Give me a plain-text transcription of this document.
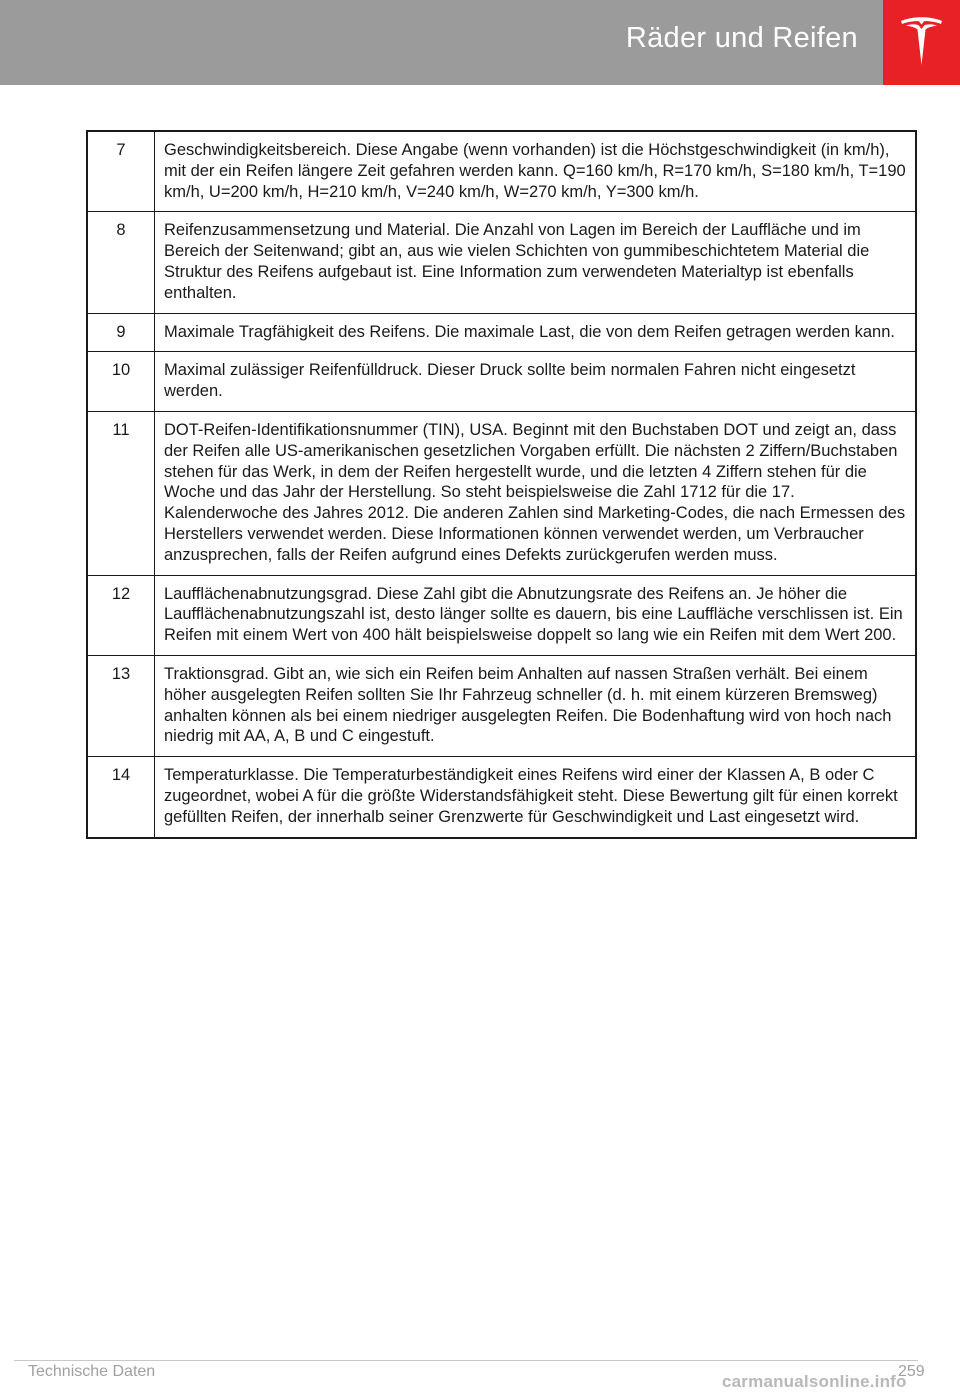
Räder und Reifen
7	Geschwindigkeitsbereich. Diese Angabe (wenn vorhanden) ist die Höchstgeschwindigkeit (in km/h), mit der ein Reifen längere Zeit gefahren werden kann. Q=160 km/h, R=170 km/h, S=180 km/h, T=190 km/h, U=200 km/h, H=210 km/h, V=240 km/h, W=270 km/h, Y=300 km/h.
8	Reifenzusammensetzung und Material. Die Anzahl von Lagen im Bereich der Lauffläche und im Bereich der Seitenwand; gibt an, aus wie vielen Schichten von gummibeschichtetem Material die Struktur des Reifens aufgebaut ist. Eine Information zum verwendeten Materialtyp ist ebenfalls enthalten.
9	Maximale Tragfähigkeit des Reifens. Die maximale Last, die von dem Reifen getragen werden kann.
10	Maximal zulässiger Reifenfülldruck. Dieser Druck sollte beim normalen Fahren nicht eingesetzt werden.
11	DOT-Reifen-Identifikationsnummer (TIN), USA. Beginnt mit den Buchstaben DOT und zeigt an, dass der Reifen alle US-amerikanischen gesetzlichen Vorgaben erfüllt. Die nächsten 2 Ziffern/Buchstaben stehen für das Werk, in dem der Reifen hergestellt wurde, und die letzten 4 Ziffern stehen für die Woche und das Jahr der Herstellung. So steht beispielsweise die Zahl 1712 für die 17. Kalenderwoche des Jahres 2012. Die anderen Zahlen sind Marketing-Codes, die nach Ermessen des Herstellers verwendet werden. Diese Informationen können verwendet werden, um Verbraucher anzusprechen, falls der Reifen aufgrund eines Defekts zurückgerufen werden muss.
12	Laufflächenabnutzungsgrad. Diese Zahl gibt die Abnutzungsrate des Reifens an. Je höher die Laufflächenabnutzungszahl ist, desto länger sollte es dauern, bis eine Lauffläche verschlissen ist. Ein Reifen mit einem Wert von 400 hält beispielsweise doppelt so lang wie ein Reifen mit dem Wert 200.
13	Traktionsgrad. Gibt an, wie sich ein Reifen beim Anhalten auf nassen Straßen verhält. Bei einem höher ausgelegten Reifen sollten Sie Ihr Fahrzeug schneller (d. h. mit einem kürzeren Bremsweg) anhalten können als bei einem niedriger ausgelegten Reifen. Die Bodenhaftung wird von hoch nach niedrig mit AA, A, B und C eingestuft.
14	Temperaturklasse. Die Temperaturbeständigkeit eines Reifens wird einer der Klassen A, B oder C zugeordnet, wobei A für die größte Widerstandsfähigkeit steht. Diese Bewertung gilt für einen korrekt gefüllten Reifen, der innerhalb seiner Grenzwerte für Geschwindigkeit und Last eingesetzt wird.
Technische Daten	259
carmanualsonline.info
